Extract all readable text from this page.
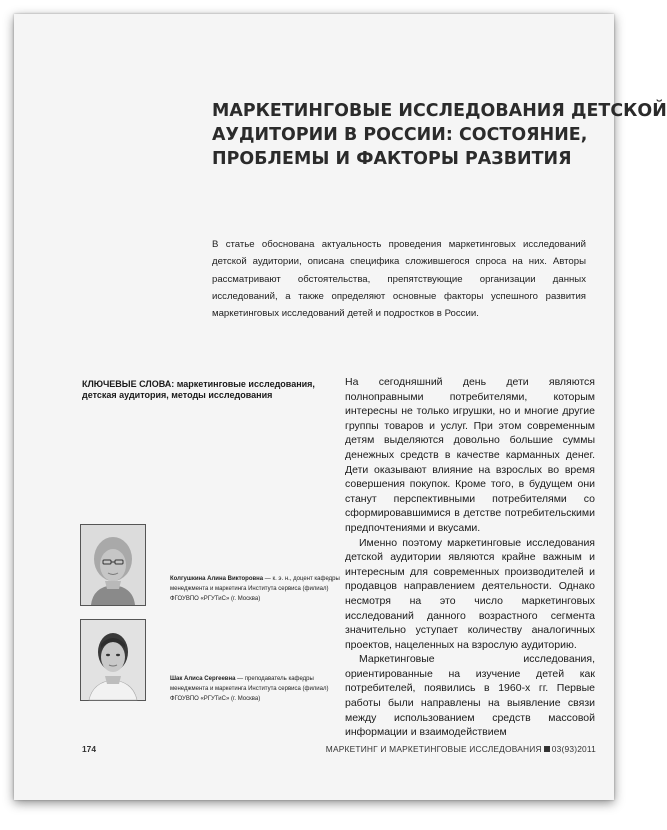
МАРКЕТИНГОВЫЕ ИССЛЕДОВАНИЯ ДЕТСКОЙ
АУДИТОРИИ В РОССИИ: СОСТОЯНИЕ,
ПРОБЛЕМЫ И ФАКТОРЫ РАЗВИТИЯ
В статье обоснована актуальность проведения маркетинговых исследований детской аудитории, описана специфика сложившегося спроса на них. Авторы рассматривают обстоятельства, препятствующие организации данных исследований, а также определяют основные факторы успешного развития маркетинговых исследований детей и подростков в России.
КЛЮЧЕВЫЕ СЛОВА: маркетинговые исследования, детская аудитория, методы исследования

На сегодняшний день дети являются полноправными потребителями, которым интересны не только игрушки, но и многие другие группы товаров и услуг. При этом современным детям выделяются довольно большие суммы денежных средств в качестве карманных денег. Дети оказывают влияние на взрослых во время совершения покупок. Кроме того, в будущем они станут перспективными потребителями со сформировавшимися в детстве потребительскими предпочтениями и вкусами.

Именно поэтому маркетинговые исследования детской аудитории являются крайне важным и интересным для современных производителей и продавцов направлением деятельности. Однако несмотря на это число маркетинговых исследований данного возрастного сегмента значительно уступает количеству аналогичных проектов, нацеленных на взрослую аудиторию.

Маркетинговые исследования, ориентированные на изучение детей как потребителей, появились в 1960-х гг. Первые работы были направлены на выявление связи между использованием средств массовой информации и взаимодействием

Колгушкина Алина Викторовна — к. э. н., доцент кафедры менеджмента и маркетинга Института сервиса (филиал) ФГОУВПО «РГУТиС» (г. Москва)
Шак Алиса Сергеевна — преподаватель кафедры менеджмента и маркетинга Института сервиса (филиал) ФГОУВПО «РГУТиС» (г. Москва)
174	МАРКЕТИНГ И МАРКЕТИНГОВЫЕ ИССЛЕДОВАНИЯ 03(93)2011
